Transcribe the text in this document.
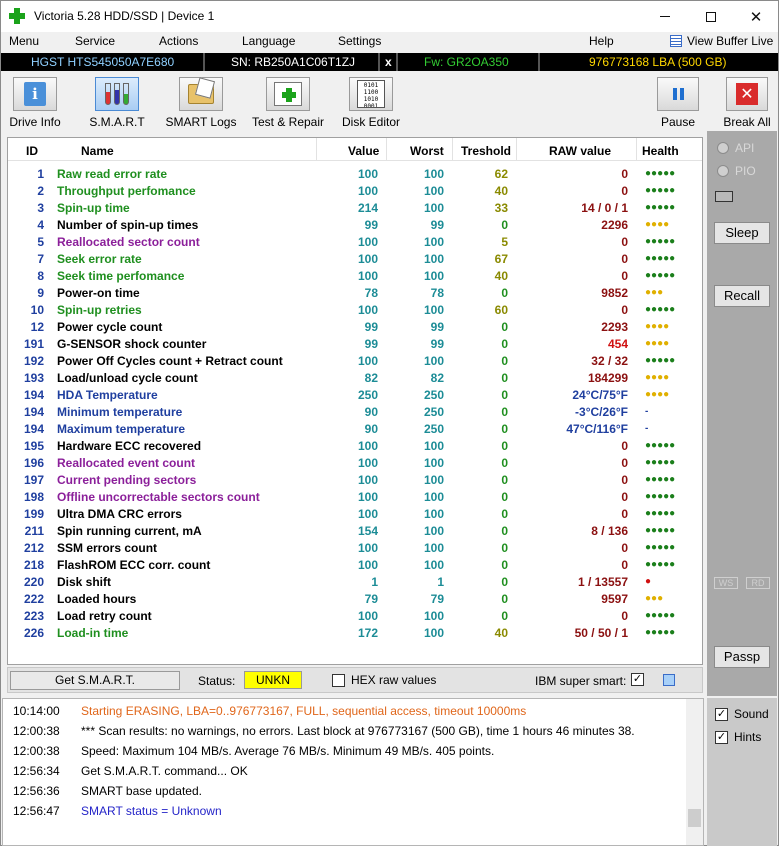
Victoria 5.28 HDD/SSD | Device 1	✕
Menu	Service	Actions	Language	Settings	Help	View Buffer Live
HGST HTS545050A7E680	SN: RB250A1C06T1ZJ x	Fw: GR2OA350	976773168 LBA (500 GB)
i
Drive Info	S.M.A.R.T	SMART Logs Test & Repair
0101
1100
1010
0001
Disk Editor	Pause
✕
Break All
ID	Name	Value	Worst Treshold	RAW value	Health
1 Raw read error rate	100	100	62	0 ●●●●●
2 Throughput perfomance	100	100	40	0 ●●●●●
3 Spin-up time	214	100	33	14 / 0 / 1 ●●●●●
4 Number of spin-up times	99	99	0	2296 ●●●●
5 Reallocated sector count	100	100	5	0 ●●●●●
7 Seek error rate	100	100	67	0 ●●●●●
8 Seek time perfomance	100	100	40	0 ●●●●●
9 Power-on time	78	78	0	9852 ●●●
10 Spin-up retries	100	100	60	0 ●●●●●
12 Power cycle count	99	99	0	2293 ●●●●
191 G-SENSOR shock counter	99	99	0	454 ●●●●
192 Power Off Cycles count + Retract count	100	100	0	32 / 32 ●●●●●
193 Load/unload cycle count	82	82	0	184299 ●●●●
194 HDA Temperature	250	250	0	24°C/75°F ●●●●
194 Minimum temperature	90	250	0	-3°C/26°F -
194 Maximum temperature	90	250	0	47°C/116°F -
195 Hardware ECC recovered	100	100	0	0 ●●●●●
196 Reallocated event count	100	100	0	0 ●●●●●
197 Current pending sectors	100	100	0	0 ●●●●●
198 Offline uncorrectable sectors count	100	100	0	0 ●●●●●
199 Ultra DMA CRC errors	100	100	0	0 ●●●●●
211 Spin running current, mA	154	100	0	8 / 136 ●●●●●
212 SSM errors count	100	100	0	0 ●●●●●
218 FlashROM ECC corr. count	100	100	0	0 ●●●●●
220 Disk shift	1	1	0	1 / 13557 ●
222 Loaded hours	79	79	0	9597 ●●●
223 Load retry count	100	100	0	0 ●●●●●
226 Load-in time	172	100	40	50 / 50 / 1 ●●●●●
Get S.M.A.R.T.	Status:	UNKN	HEX raw values	IBM super smart: ✓
10:14:00 Starting ERASING, LBA=0..976773167, FULL, sequential access, timeout 10000ms
12:00:38 *** Scan results: no warnings, no errors. Last block at 976773167 (500 GB), time 1 hours 46 minutes 38.
12:00:38 Speed: Maximum 104 MB/s. Average 76 MB/s. Minimum 49 MB/s. 405 points.
12:56:34 Get S.M.A.R.T. command... OK
12:56:36 SMART base updated.
12:56:47 SMART status = Unknown
API
PIO
Sleep
Recall
WS	RD
Passp
✓ Sound
✓ Hints
